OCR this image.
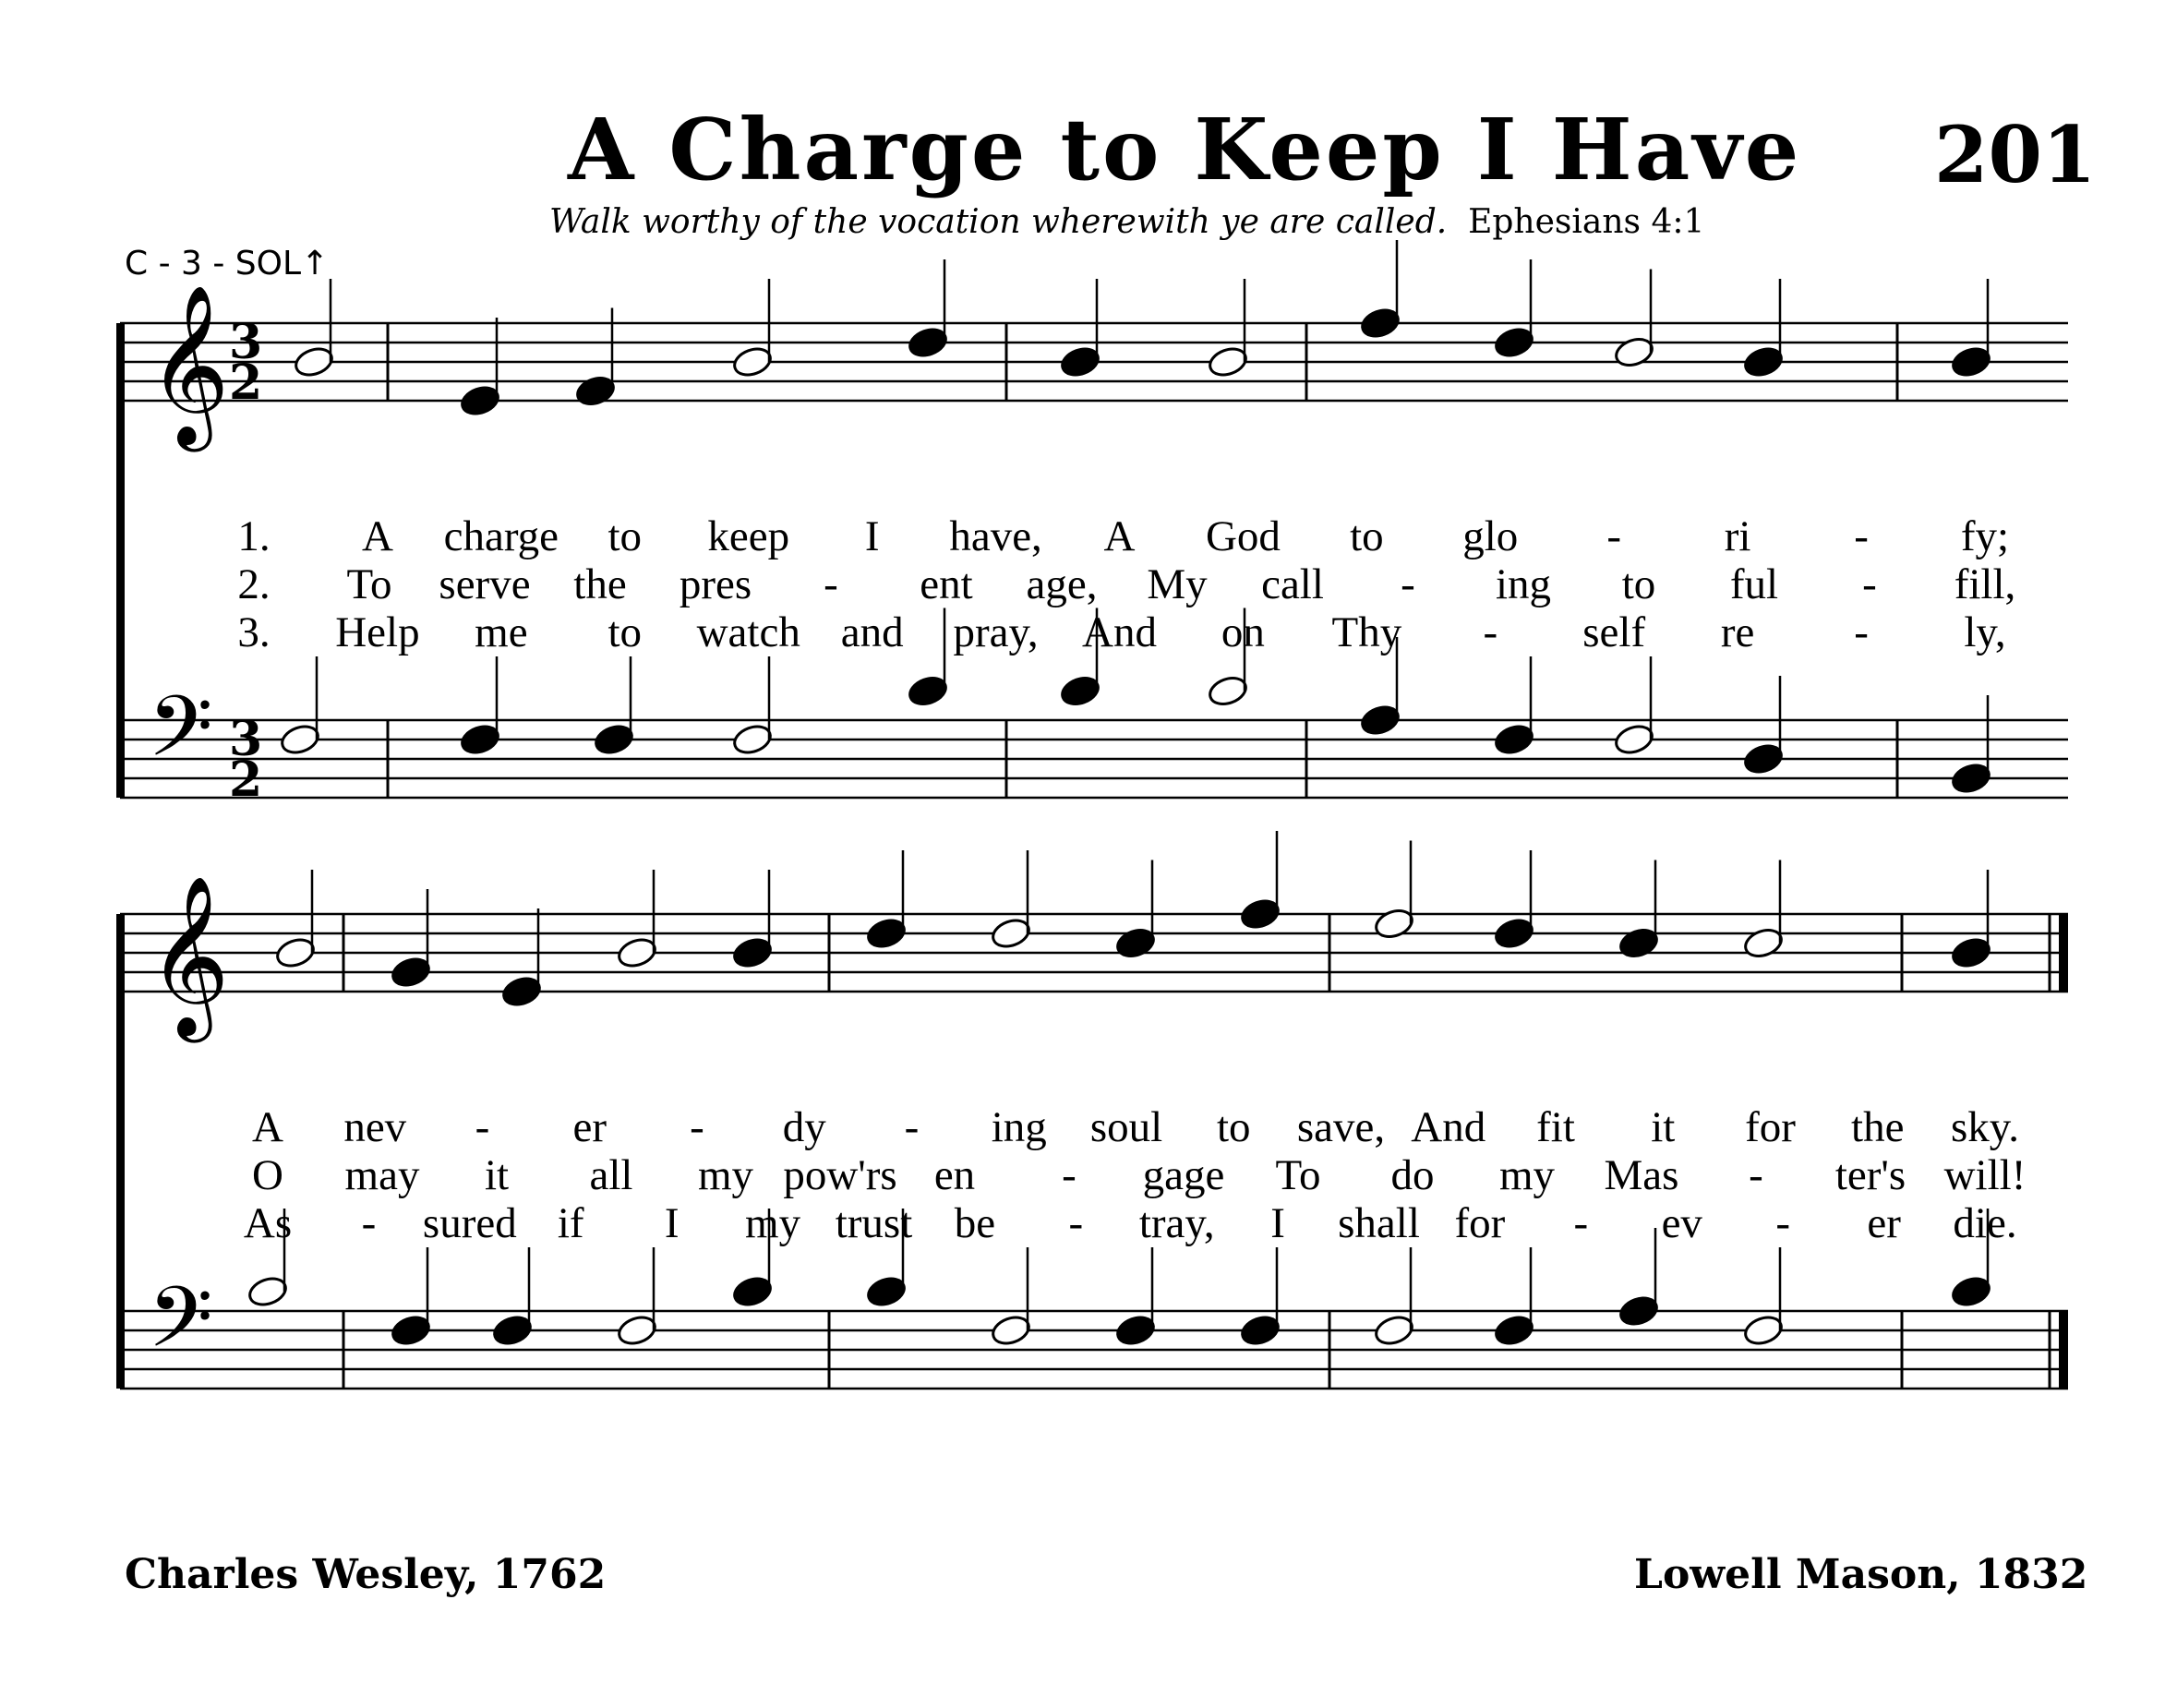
𝄞 3
2
𝄢 3
2
𝄞
𝄢
1. A charge to keep I have, A God to glo - ri - fy;
2. To serve the pres - ent age, My call - ing to ful - fill,
3. Help me to watch and pray, And on Thy - self re - ly,
A nev - er - dy - ing soul to save, And fit it for the sky.
O may it all my pow'rs en - gage To do my Mas - ter's will!
As - sured if I my trust be - tray, I shall for - ev - er die.
A Charge to Keep I Have 201
Walk worthy of the vocation wherewith ye are called. Ephesians 4:1
C - 3 - SOL↑
Charles Wesley, 1762	Lowell Mason, 1832
